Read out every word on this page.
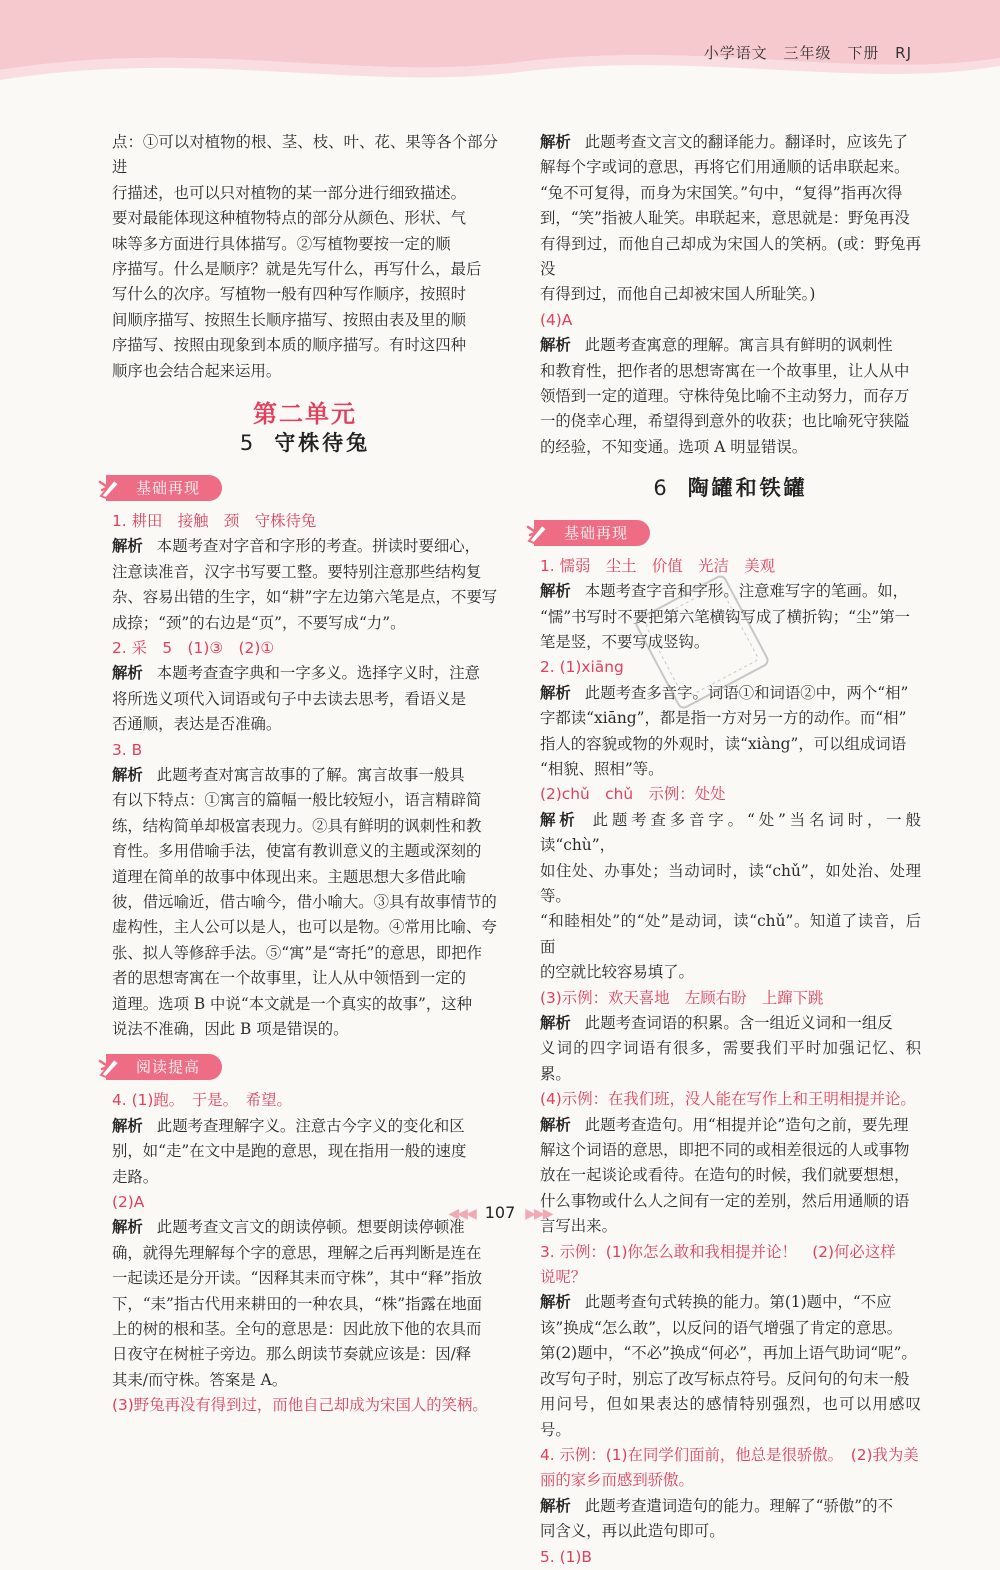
小学语文 三年级 下册 RJ

点：①可以对植物的根、茎、枝、叶、花、果等各个部分进

行描述，也可以只对植物的某一部分进行细致描述。

要对最能体现这种植物特点的部分从颜色、形状、气

味等多方面进行具体描写。②写植物要按一定的顺

序描写。什么是顺序？就是先写什么，再写什么，最后

写什么的次序。写植物一般有四种写作顺序，按照时

间顺序描写、按照生长顺序描写、按照由表及里的顺

序描写、按照由现象到本质的顺序描写。有时这四种

顺序也会结合起来运用。

第二单元
5 守株待兔
基础再现

1. 耕田　接触　颈　守株待兔

解析 本题考查对字音和字形的考查。拼读时要细心，

注意读准音，汉字书写要工整。要特别注意那些结构复

杂、容易出错的生字，如“耕”字左边第六笔是点，不要写

成捺；“颈”的右边是“页”，不要写成“力”。

2. 采　5　(1)③　(2)①

解析 本题考查查字典和一字多义。选择字义时，注意

将所选义项代入词语或句子中去读去思考，看语义是

否通顺，表达是否准确。

3. B

解析 此题考查对寓言故事的了解。寓言故事一般具

有以下特点：①寓言的篇幅一般比较短小，语言精辟简

练，结构简单却极富表现力。②具有鲜明的讽刺性和教

育性。多用借喻手法，使富有教训意义的主题或深刻的

道理在简单的故事中体现出来。主题思想大多借此喻

彼，借远喻近，借古喻今，借小喻大。③具有故事情节的

虚构性，主人公可以是人，也可以是物。④常用比喻、夸

张、拟人等修辞手法。⑤“寓”是“寄托”的意思，即把作

者的思想寄寓在一个故事里，让人从中领悟到一定的

道理。选项 B 中说“本文就是一个真实的故事”，这种

说法不准确，因此 B 项是错误的。

阅读提高

4. (1)跑。　于是。　希望。

解析 此题考查理解字义。注意古今字义的变化和区

别，如“走”在文中是跑的意思，现在指用一般的速度

走路。

(2)A

解析 此题考查文言文的朗读停顿。想要朗读停顿准

确，就得先理解每个字的意思，理解之后再判断是连在

一起读还是分开读。“因释其耒而守株”，其中“释”指放

下，“耒”指古代用来耕田的一种农具，“株”指露在地面

上的树的根和茎。全句的意思是：因此放下他的农具而

日夜守在树桩子旁边。那么朗读节奏就应该是：因/释

其耒/而守株。答案是 A。

(3)野兔再没有得到过，而他自己却成为宋国人的笑柄。

解析 此题考查文言文的翻译能力。翻译时，应该先了

解每个字或词的意思，再将它们用通顺的话串联起来。

“兔不可复得，而身为宋国笑。”句中，“复得”指再次得

到，“笑”指被人耻笑。串联起来，意思就是：野兔再没

有得到过，而他自己却成为宋国人的笑柄。(或：野兔再没

有得到过，而他自己却被宋国人所耻笑。)

(4)A

解析 此题考查寓意的理解。寓言具有鲜明的讽刺性

和教育性，把作者的思想寄寓在一个故事里，让人从中

领悟到一定的道理。守株待兔比喻不主动努力，而存万

一的侥幸心理，希望得到意外的收获；也比喻死守狭隘

的经验，不知变通。选项 A 明显错误。

6 陶罐和铁罐
基础再现

1. 懦弱　尘土　价值　光洁　美观

解析 本题考查字音和字形。注意难写字的笔画。如，

“懦”书写时不要把第六笔横钩写成了横折钩；“尘”第一

笔是竖，不要写成竖钩。

2. (1)xiāng

解析 此题考查多音字。词语①和词语②中，两个“相”

字都读“xiāng”，都是指一方对另一方的动作。而“相”

指人的容貌或物的外观时，读“xiàng”，可以组成词语

“相貌、照相”等。

(2)chǔ　chǔ　示例：处处

解析 此题考查多音字。“处”当名词时，一般读“chù”，

如住处、办事处；当动词时，读“chǔ”，如处治、处理等。

“和睦相处”的“处”是动词，读“chǔ”。知道了读音，后面

的空就比较容易填了。

(3)示例：欢天喜地　左顾右盼　上蹿下跳

解析 此题考查词语的积累。含一组近义词和一组反

义词的四字词语有很多，需要我们平时加强记忆、积累。

(4)示例：在我们班，没人能在写作上和王明相提并论。

解析 此题考查造句。用“相提并论”造句之前，要先理

解这个词语的意思，即把不同的或相差很远的人或事物

放在一起谈论或看待。在造句的时候，我们就要想想，

什么事物或什么人之间有一定的差别，然后用通顺的语

言写出来。

3. 示例：(1)你怎么敢和我相提并论！　(2)何必这样

说呢？

解析 此题考查句式转换的能力。第(1)题中，“不应

该”换成“怎么敢”，以反问的语气增强了肯定的意思。

第(2)题中，“不必”换成“何必”，再加上语气助词“呢”。

改写句子时，别忘了改写标点符号。反问句的句末一般

用问号，但如果表达的感情特别强烈，也可以用感叹号。

4. 示例：(1)在同学们面前，他总是很骄傲。　(2)我为美

丽的家乡而感到骄傲。

解析 此题考查遣词造句的能力。理解了“骄傲”的不

同含义，再以此造句即可。

5. (1)B

◀◀◀ 107 ▶▶▶
